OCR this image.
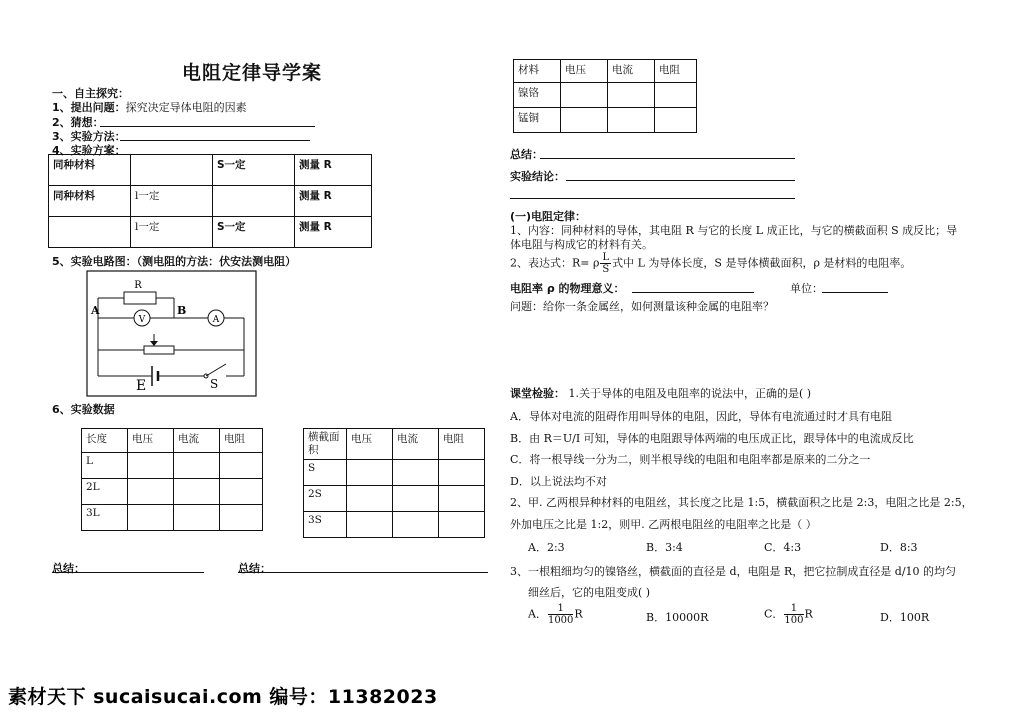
电阻定律导学案
一、自主探究：
1、提出问题：探究决定导体电阻的因素
2、猜想：
3、实验方法：
4、实验方案：
同种材料		S一定	测量 R
同种材料	l一定		测量 R
	l一定	S一定	测量 R
5、实验电路图：（测电阻的方法：伏安法测电阻）
R
V	A
A	B
E	S
6、实验数据
长度	电压	电流	电阻
L			
2L			
3L			
横截面积	电压	电流	电阻
S			
2S			
3S			
总结：	总结：
材料	电压	电流	电阻
镍铬			
锰铜			
总结：
实验结论：
(一)电阻定律：
1、内容：同种材料的导体，其电阻 R 与它的长度 L 成正比，与它的横截面积 S 成反比；导
体电阻与构成它的材料有关。
2、表达式：R= ρ $\frac{L}{S}$ 式中 L 为导体长度，S 是导体横截面积，ρ 是材料的电阻率。
电阻率 ρ 的物理意义：	单位：
问题：给你一条金属丝，如何测量该种金属的电阻率？
课堂检验： 1.关于导体的电阻及电阻率的说法中，正确的是( )
A．导体对电流的阻碍作用叫导体的电阻，因此，导体有电流通过时才具有电阻
B．由 R＝U/I 可知，导体的电阻跟导体两端的电压成正比，跟导体中的电流成反比
C．将一根导线一分为二，则半根导线的电阻和电阻率都是原来的二分之一
D．以上说法均不对
2、甲. 乙两根异种材料的电阻丝，其长度之比是 1:5，横截面积之比是 2:3，电阻之比是 2:5，
外加电压之比是 1:2，则甲. 乙两根电阻丝的电阻率之比是（ ）
A．2:3	B．3:4	C．4:3	D．8:3
3、一根粗细均匀的镍铬丝，横截面的直径是 d，电阻是 R，把它拉制成直径是 d/10 的均匀
细丝后，它的电阻变成( )
A． $\frac{1}{1000}$ R	B．10000R	C． $\frac{1}{100}$ R	D．100R
素材天下 sucaisucai.com 编号：11382023
